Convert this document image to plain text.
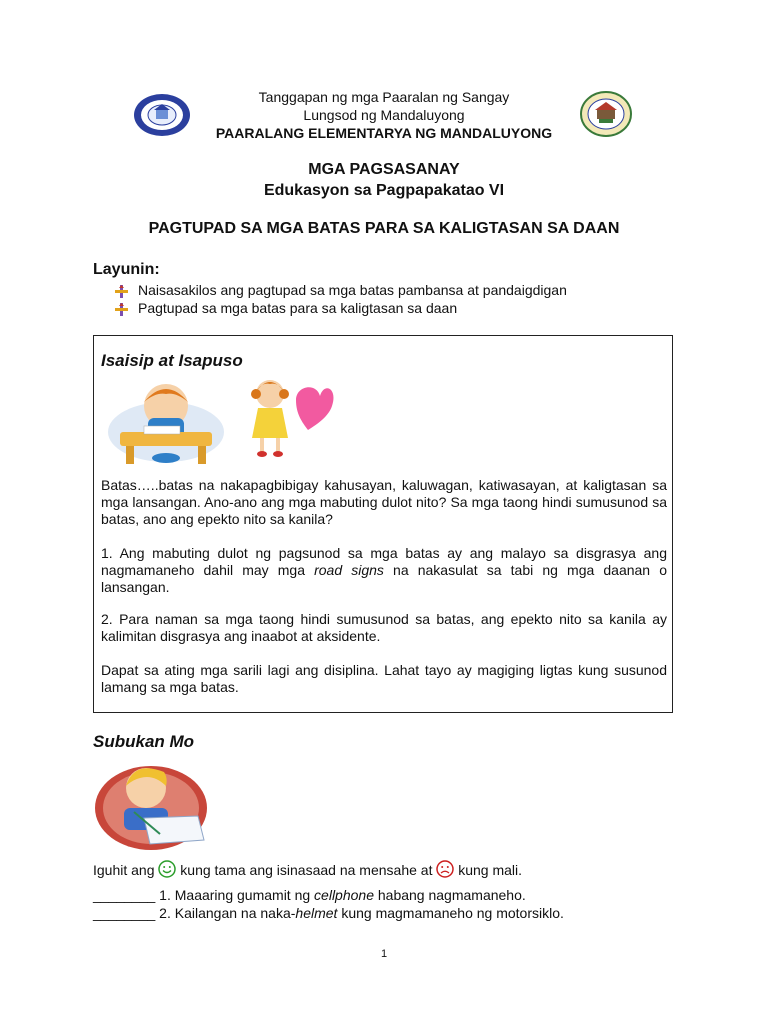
Tanggapan ng mga Paaralan ng Sangay
Lungsod ng Mandaluyong
PAARALANG ELEMENTARYA NG MANDALUYONG
MGA PAGSASANAY
Edukasyon sa Pagpapakatao VI
PAGTUPAD SA MGA BATAS PARA SA KALIGTASAN SA DAAN
Layunin:
Naisasakilos ang pagtupad sa mga batas pambansa at pandaigdigan
Pagtupad sa mga batas para sa kaligtasan sa daan
Isaisip at Isapuso
Batas…..batas na nakapagbibigay kahusayan, kaluwagan, katiwasayan, at kaligtasan sa mga lansangan. Ano-ano ang mga mabuting dulot nito? Sa mga taong hindi sumusunod sa batas, ano ang epekto nito sa kanila?
1. Ang mabuting dulot ng pagsunod sa mga batas ay ang malayo sa disgrasya ang nagmamaneho dahil may mga road signs na nakasulat sa tabi ng mga daanan o lansangan.
2. Para naman sa mga taong hindi sumusunod sa batas, ang epekto nito sa kanila ay kalimitan disgrasya ang inaabot at aksidente.
Dapat sa ating mga sarili lagi ang disiplina. Lahat tayo ay magiging ligtas kung susunod lamang sa mga batas.
Subukan Mo
Iguhit ang  kung tama ang isinasaad na mensahe at  kung mali.
________ 1. Maaaring gumamit ng cellphone habang nagmamaneho.
________ 2. Kailangan na naka-helmet kung magmamaneho ng motorsiklo.
1
